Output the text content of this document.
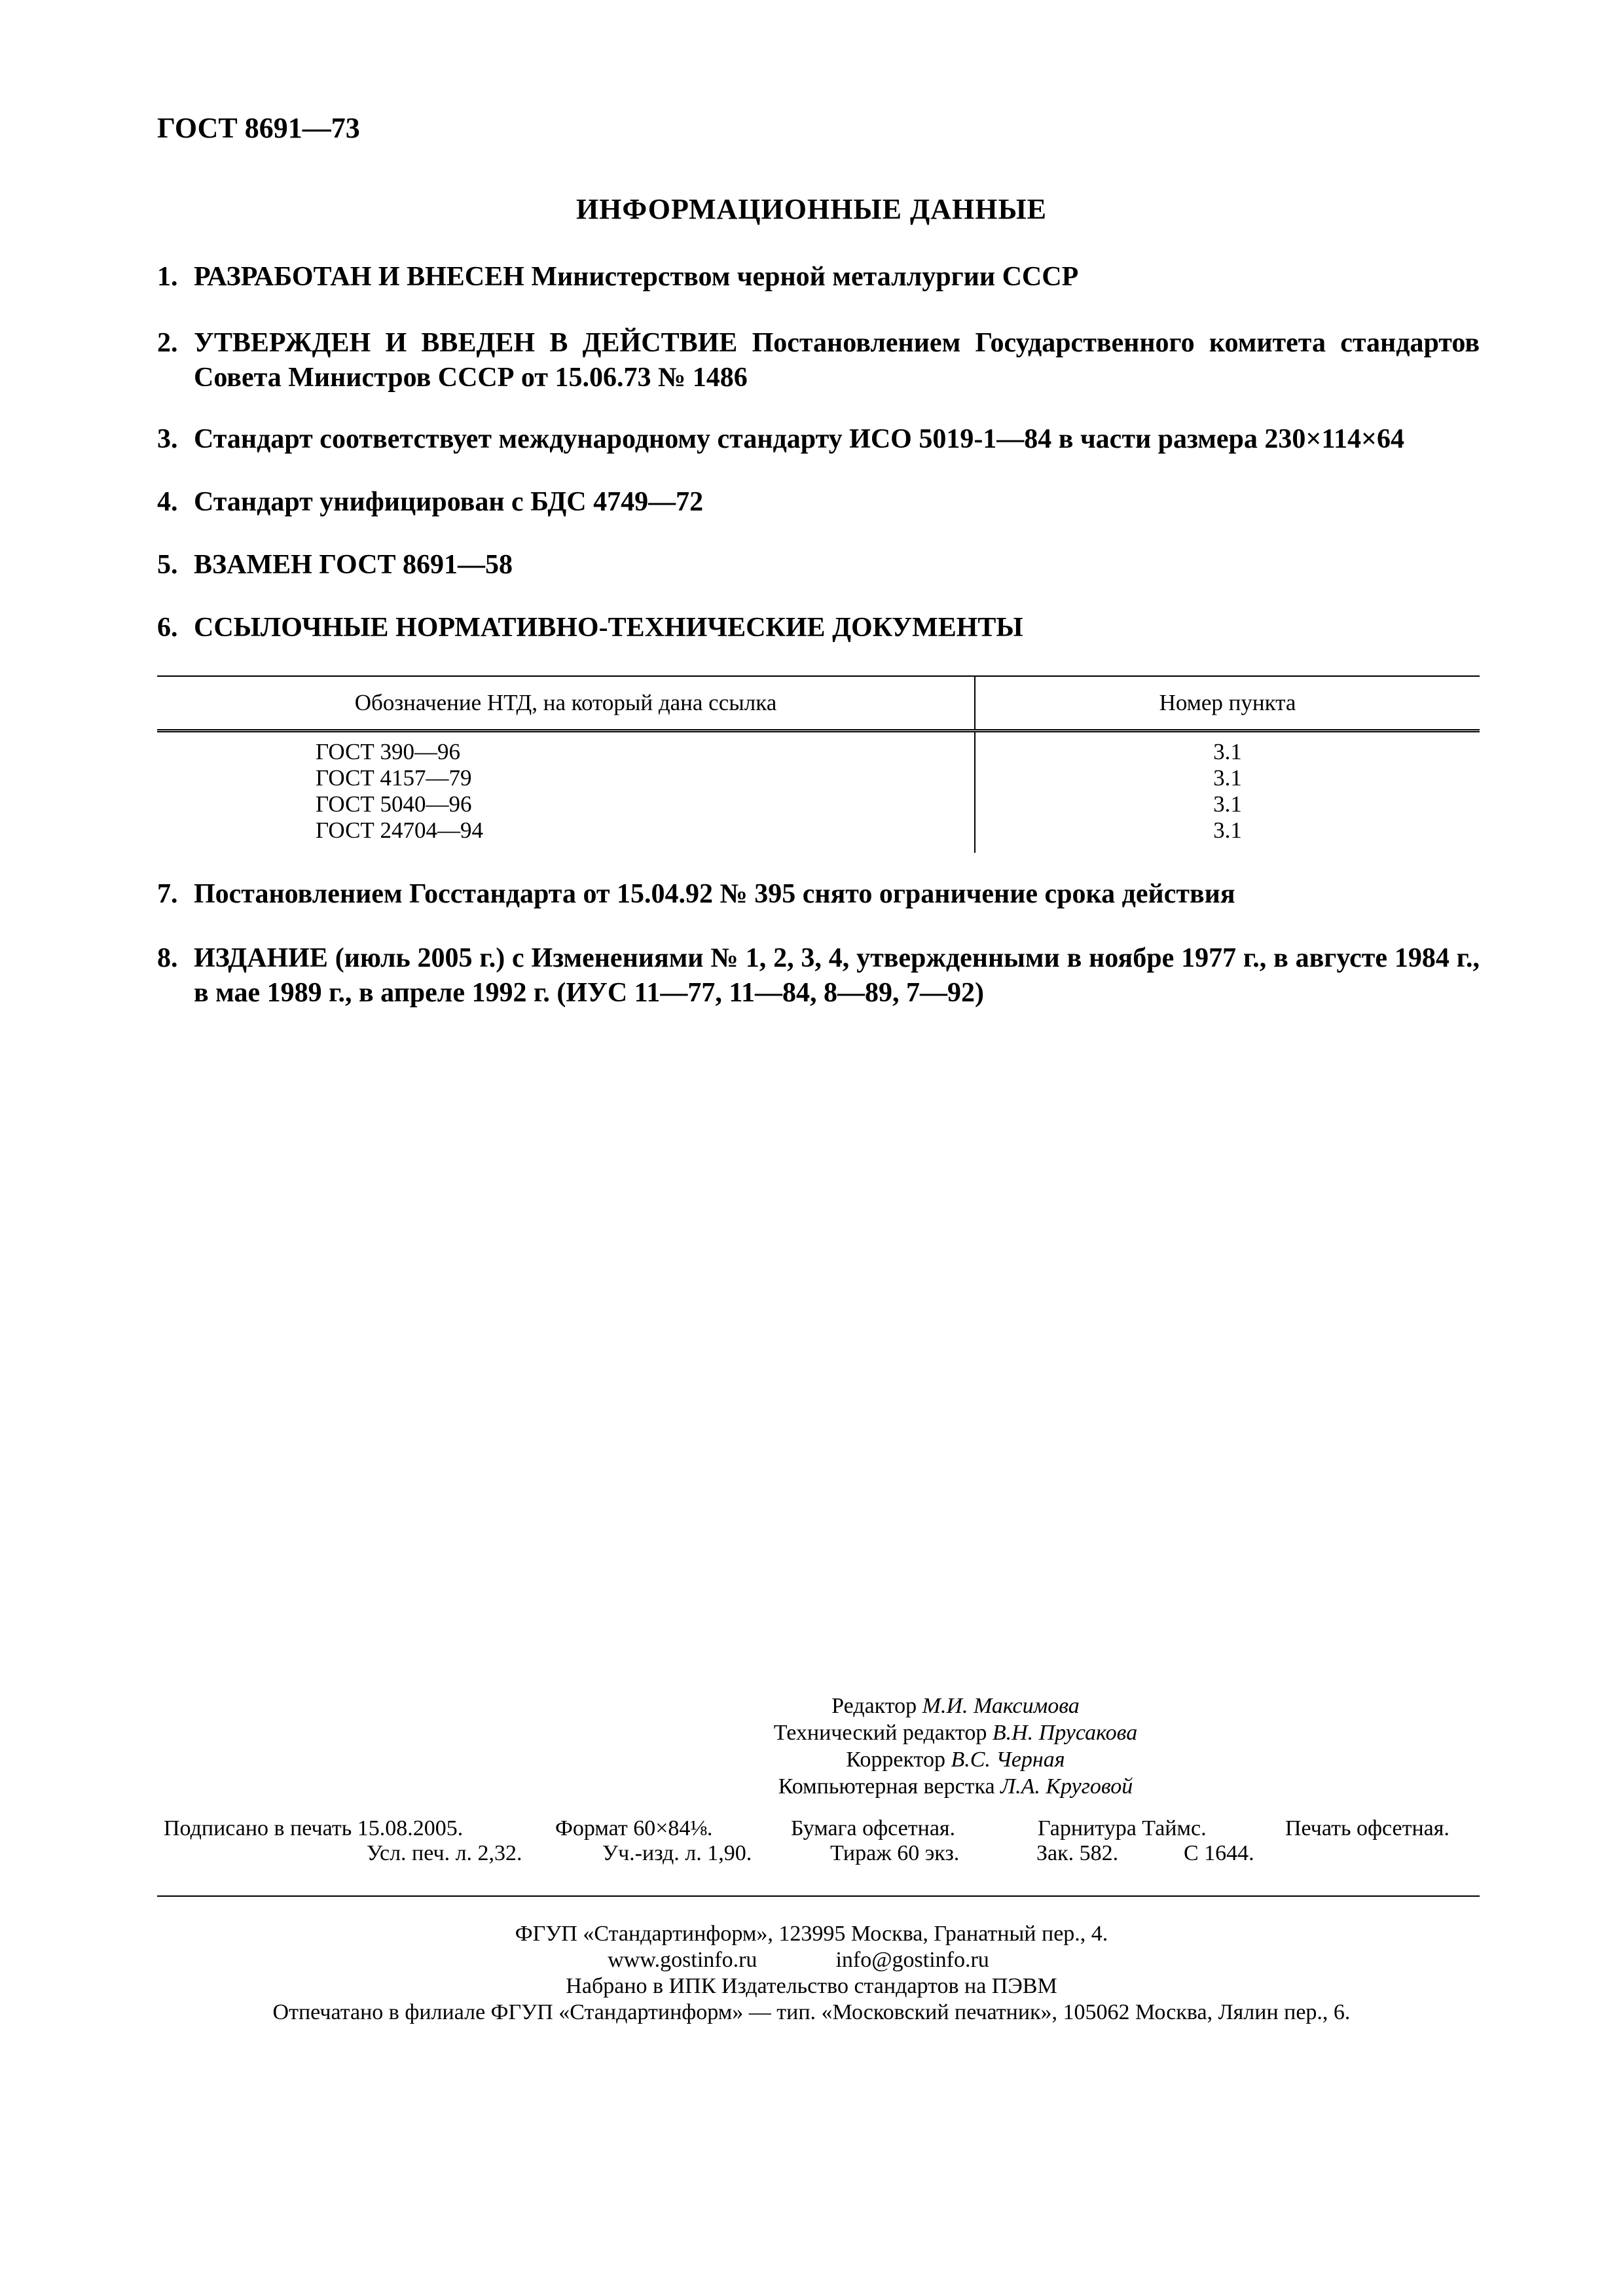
ГОСТ 8691—73
ИНФОРМАЦИОННЫЕ ДАННЫЕ
1. РАЗРАБОТАН И ВНЕСЕН Министерством черной металлургии СССР
2. УТВЕРЖДЕН И ВВЕДЕН В ДЕЙСТВИЕ Постановлением Государственного комитета стандартов Совета Министров СССР от 15.06.73 № 1486
3. Стандарт соответствует международному стандарту ИСО 5019-1—84 в части размера 230×114×64
4. Стандарт унифицирован с БДС 4749—72
5. ВЗАМЕН ГОСТ 8691—58
6. ССЫЛОЧНЫЕ НОРМАТИВНО-ТЕХНИЧЕСКИЕ ДОКУМЕНТЫ
Обозначение НТД, на который дана ссылка	Номер пункта
ГОСТ 390—96	3.1
ГОСТ 4157—79	3.1
ГОСТ 5040—96	3.1
ГОСТ 24704—94	3.1
7. Постановлением Госстандарта от 15.04.92 № 395 снято ограничение срока действия
8. ИЗДАНИЕ (июль 2005 г.) с Изменениями № 1, 2, 3, 4, утвержденными в ноябре 1977 г., в августе 1984 г., в мае 1989 г., в апреле 1992 г. (ИУС 11—77, 11—84, 8—89, 7—92)
Редактор М.И. Максимова
Технический редактор В.Н. Прусакова
Корректор В.С. Черная
Компьютерная верстка Л.А. Круговой
Подписано в печать 15.08.2005.	Формат 60×84⅛.	Бумага офсетная.	Гарнитура Таймс.	Печать офсетная.
Усл. печ. л. 2,32.	Уч.-изд. л. 1,90.	Тираж 60 экз.	Зак. 582.	С 1644.
ФГУП «Стандартинформ», 123995 Москва, Гранатный пер., 4.
www.gostinfo.ru	info@gostinfo.ru
Набрано в ИПК Издательство стандартов на ПЭВМ
Отпечатано в филиале ФГУП «Стандартинформ» — тип. «Московский печатник», 105062 Москва, Лялин пер., 6.
